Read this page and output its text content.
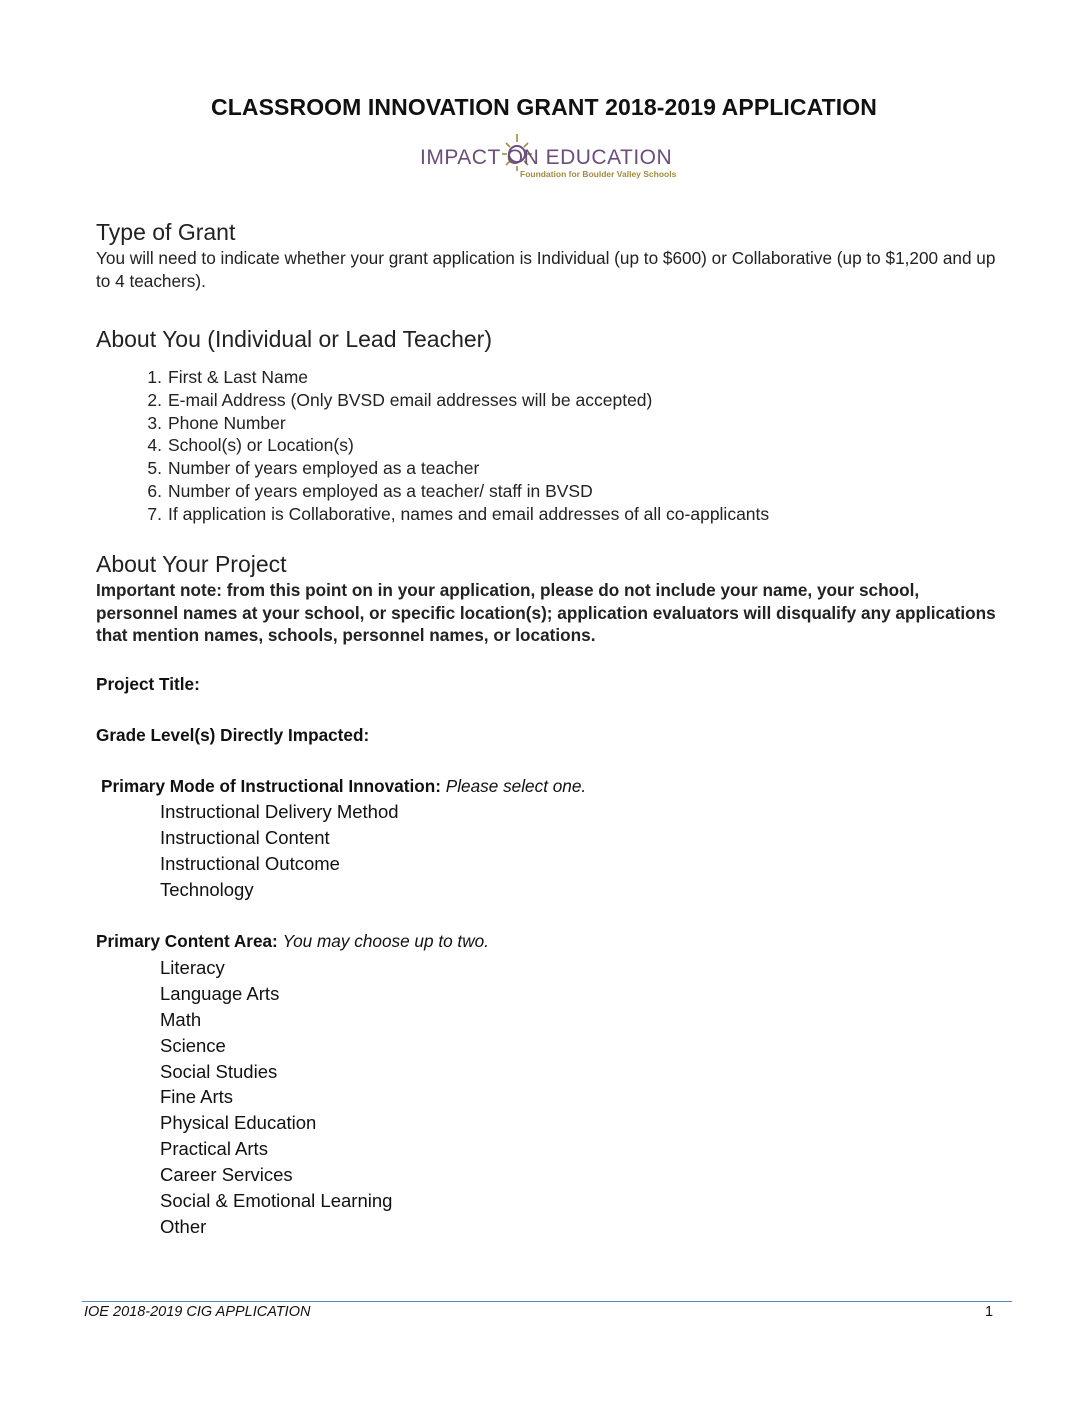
CLASSROOM INNOVATION GRANT 2018-2019 APPLICATION
IMPACT ON EDUCATION
Foundation for Boulder Valley Schools
Type of Grant
You will need to indicate whether your grant application is Individual (up to $600) or Collaborative (up to $1,200 and up to 4 teachers).
About You (Individual or Lead Teacher)
1. First & Last Name
2. E-mail Address (Only BVSD email addresses will be accepted)
3. Phone Number
4. School(s) or Location(s)
5. Number of years employed as a teacher
6. Number of years employed as a teacher/ staff in BVSD
7. If application is Collaborative, names and email addresses of all co-applicants
About Your Project
Important note: from this point on in your application, please do not include your name, your school, personnel names at your school, or specific location(s); application evaluators will disqualify any applications that mention names, schools, personnel names, or locations.
Project Title:
Grade Level(s) Directly Impacted:
Primary Mode of Instructional Innovation: Please select one.
Instructional Delivery Method
Instructional Content
Instructional Outcome
Technology
Primary Content Area: You may choose up to two.
Literacy
Language Arts
Math
Science
Social Studies
Fine Arts
Physical Education
Practical Arts
Career Services
Social & Emotional Learning
Other
IOE 2018-2019 CIG APPLICATION	1
